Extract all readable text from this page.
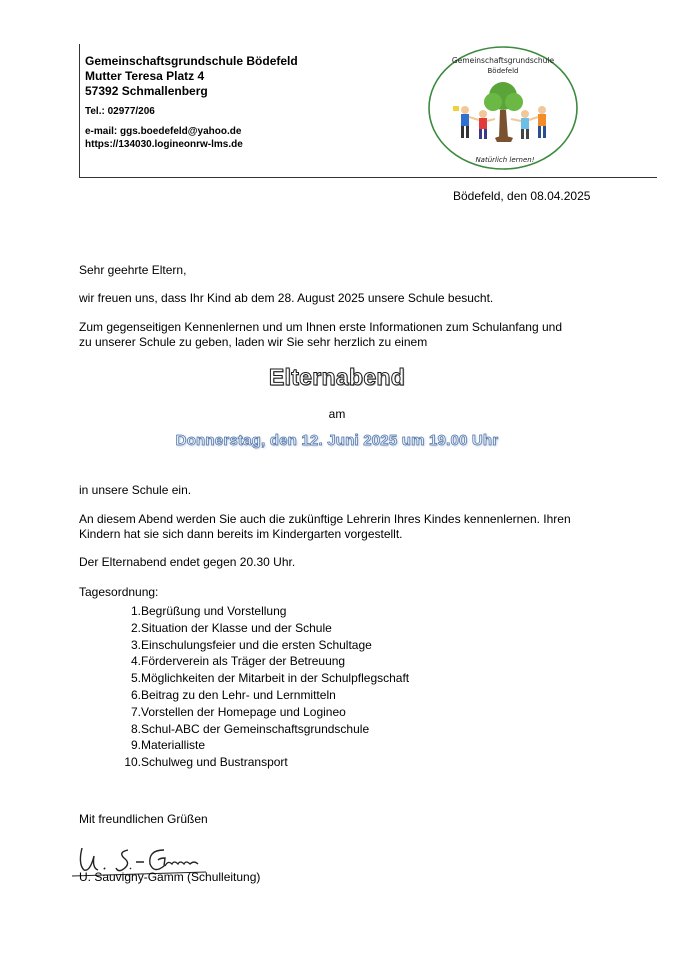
Gemeinschaftsgrundschule Bödefeld
Mutter Teresa Platz 4
57392 Schmallenberg
Tel.: 02977/206
e-mail: ggs.boedefeld@yahoo.de
https://134030.logineonrw-lms.de
Gemeinschaftsgrundschule
Bödefeld
Natürlich lernen!
Bödefeld, den 08.04.2025
Sehr geehrte Eltern,
wir freuen uns, dass Ihr Kind ab dem 28. August 2025 unsere Schule besucht.
Zum gegenseitigen Kennenlernen und um Ihnen erste Informationen zum Schulanfang und
zu unserer Schule zu geben, laden wir Sie sehr herzlich zu einem
Elternabend
am
Donnerstag, den 12. Juni 2025 um 19.00 Uhr
in unsere Schule ein.
An diesem Abend werden Sie auch die zukünftige Lehrerin Ihres Kindes kennenlernen. Ihren
Kindern hat sie sich dann bereits im Kindergarten vorgestellt.
Der Elternabend endet gegen 20.30 Uhr.
Tagesordnung:
1. Begrüßung und Vorstellung
2. Situation der Klasse und der Schule
3. Einschulungsfeier und die ersten Schultage
4. Förderverein als Träger der Betreuung
5. Möglichkeiten der Mitarbeit in der Schulpflegschaft
6. Beitrag zu den Lehr- und Lernmitteln
7. Vorstellen der Homepage und Logineo
8. Schul-ABC der Gemeinschaftsgrundschule
9. Materialliste
10. Schulweg und Bustransport
Mit freundlichen Grüßen
U. Sauvigny-Gamm (Schulleitung)
